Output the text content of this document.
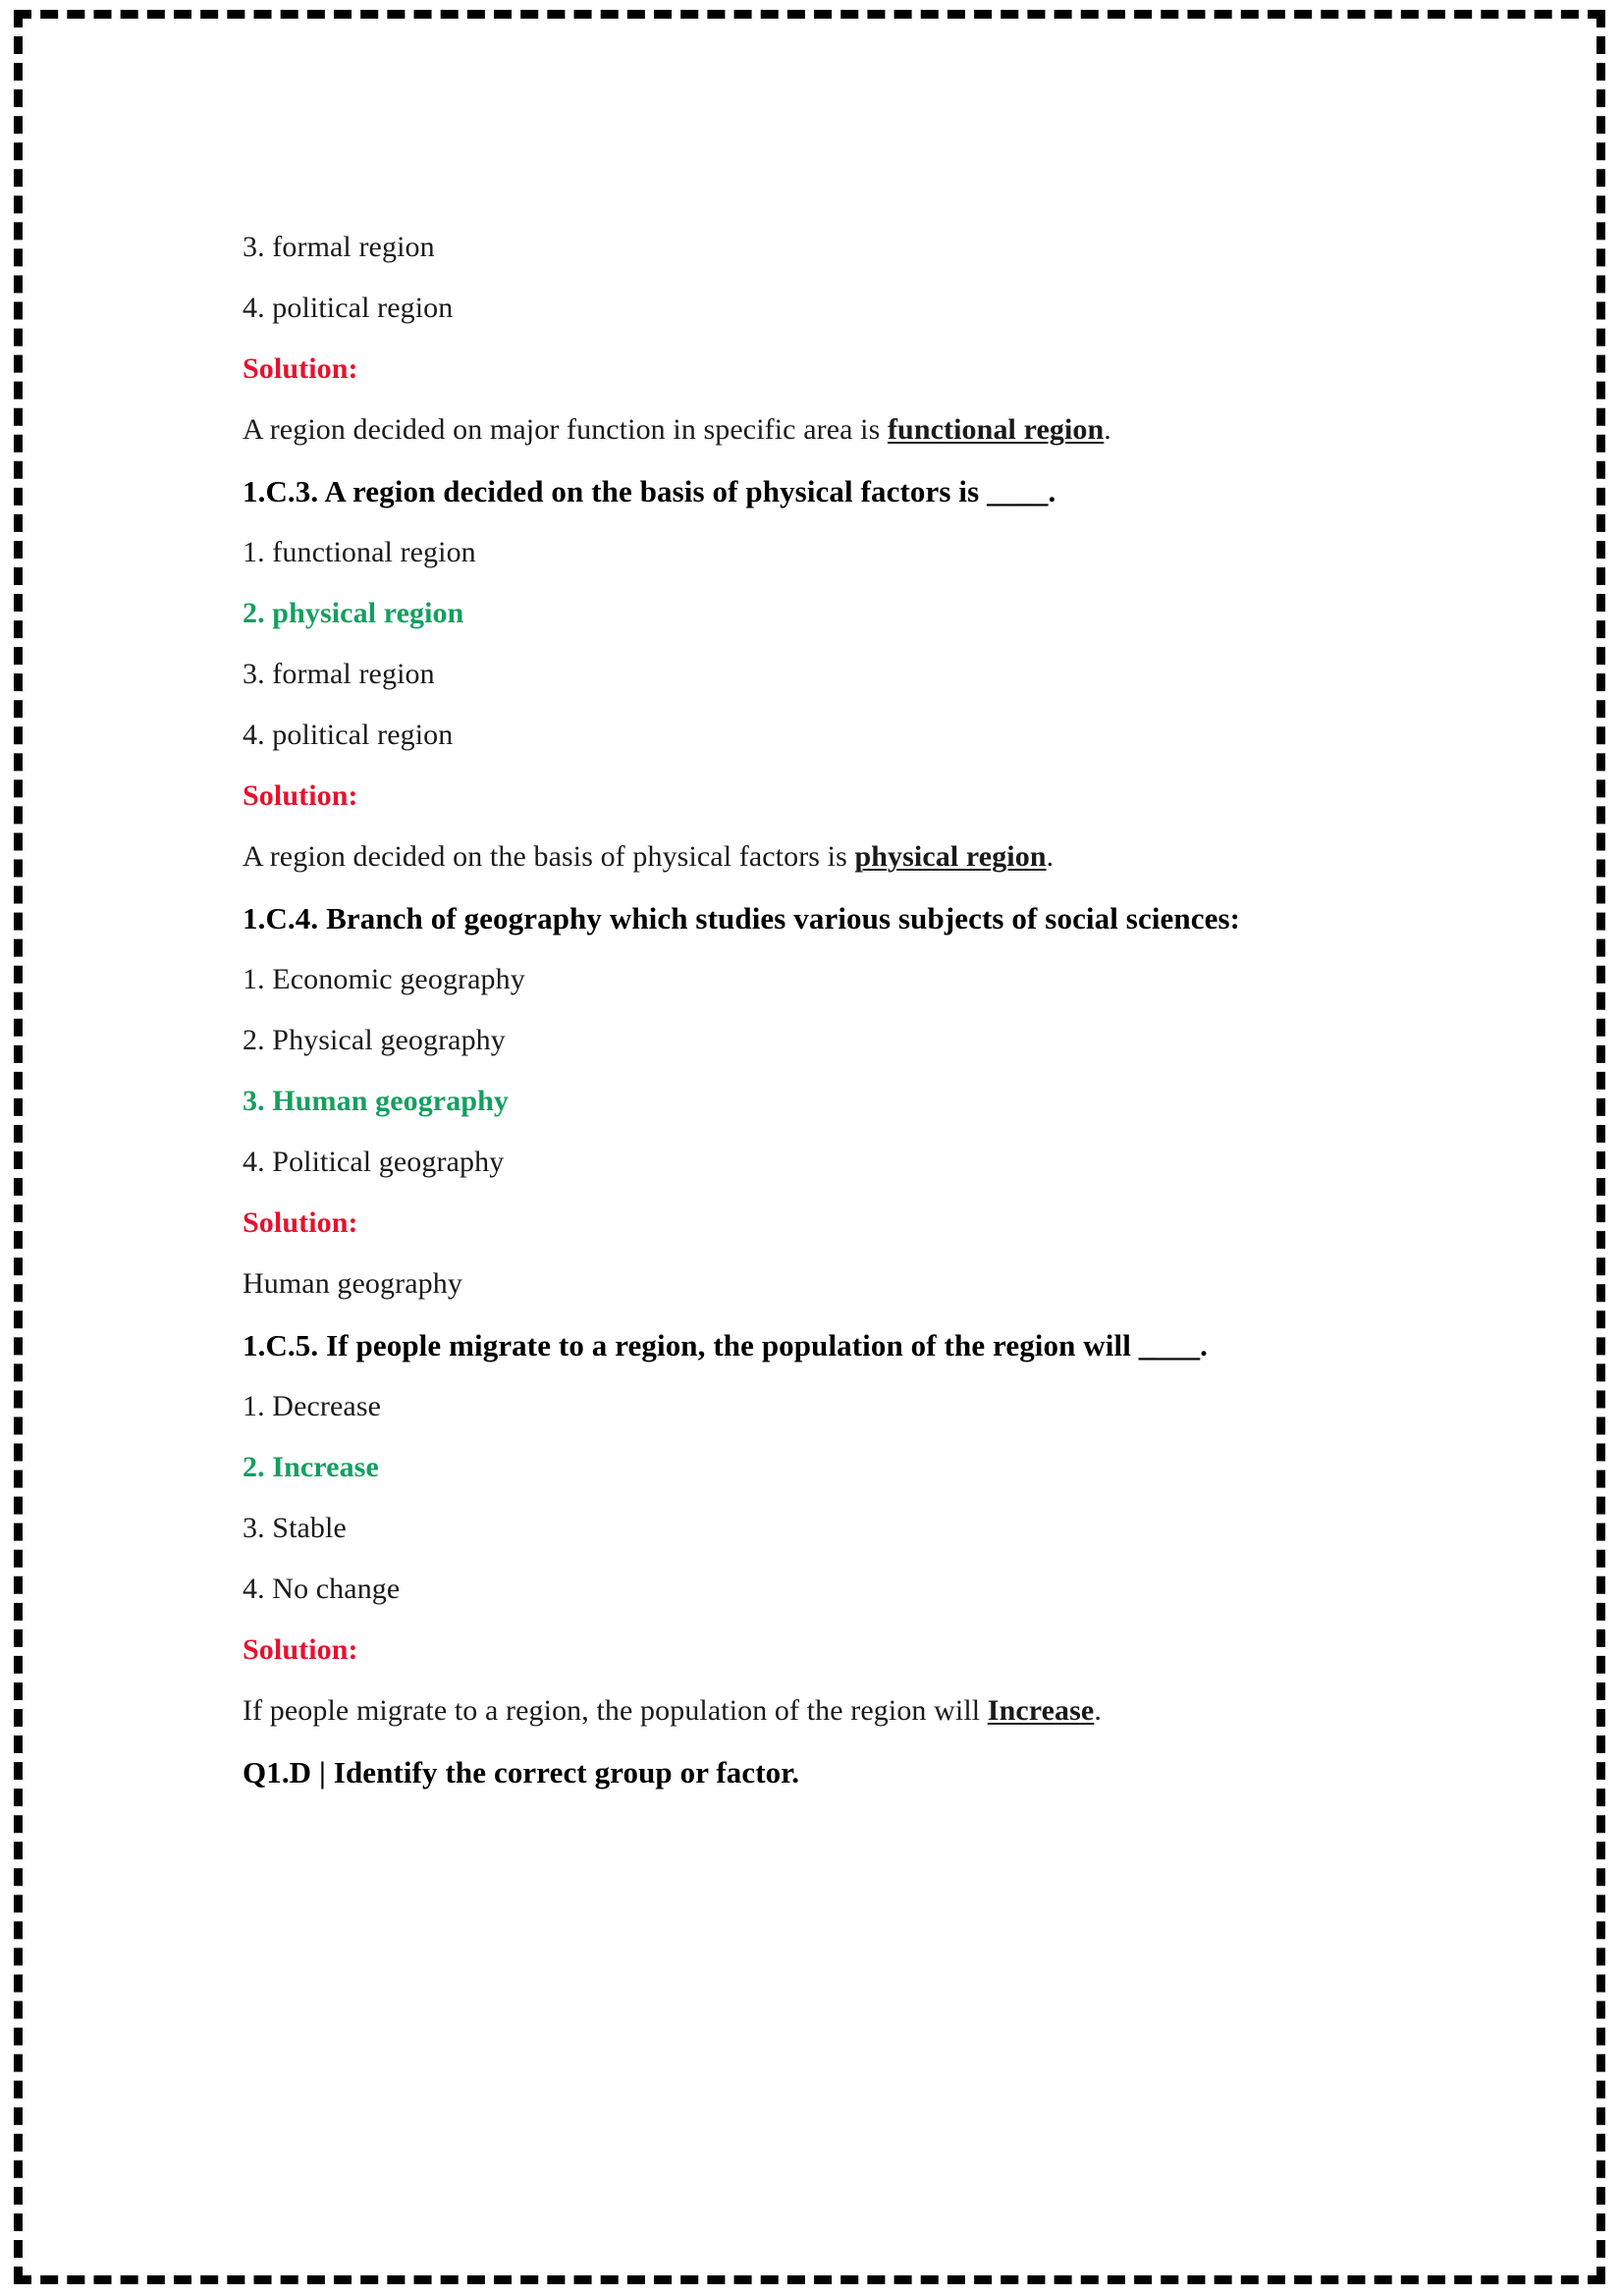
3. formal region
4. political region
Solution:
A region decided on major function in specific area is functional region.
1.C.3. A region decided on the basis of physical factors is ____.
1. functional region
2. physical region
3. formal region
4. political region
Solution:
A region decided on the basis of physical factors is physical region.
1.C.4. Branch of geography which studies various subjects of social sciences:
1. Economic geography
2. Physical geography
3. Human geography
4. Political geography
Solution:
Human geography
1.C.5. If people migrate to a region, the population of the region will ____.
1. Decrease
2. Increase
3. Stable
4. No change
Solution:
If people migrate to a region, the population of the region will Increase.
Q1.D | Identify the correct group or factor.
